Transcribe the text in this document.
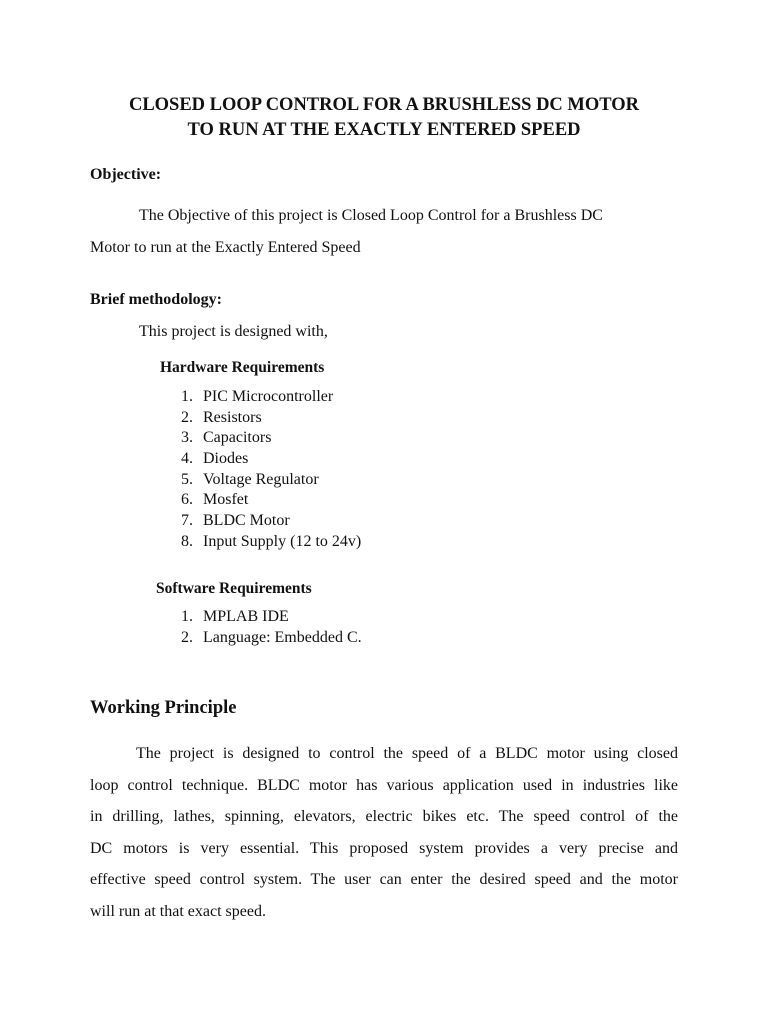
CLOSED LOOP CONTROL FOR A BRUSHLESS DC MOTOR
TO RUN AT THE EXACTLY ENTERED SPEED
Objective:
The Objective of this project is Closed Loop Control for a Brushless DC
Motor to run at the Exactly Entered Speed
Brief methodology:
This project is designed with,
Hardware Requirements
1. PIC Microcontroller
2. Resistors
3. Capacitors
4. Diodes
5. Voltage Regulator
6. Mosfet
7. BLDC Motor
8. Input Supply (12 to 24v)
Software Requirements
1. MPLAB IDE
2. Language: Embedded C.
Working Principle
The project is designed to control the speed of a BLDC motor using closed
loop control technique. BLDC motor has various application used in industries like
in drilling, lathes, spinning, elevators, electric bikes etc. The speed control of the
DC motors is very essential. This proposed system provides a very precise and
effective speed control system. The user can enter the desired speed and the motor
will run at that exact speed.
